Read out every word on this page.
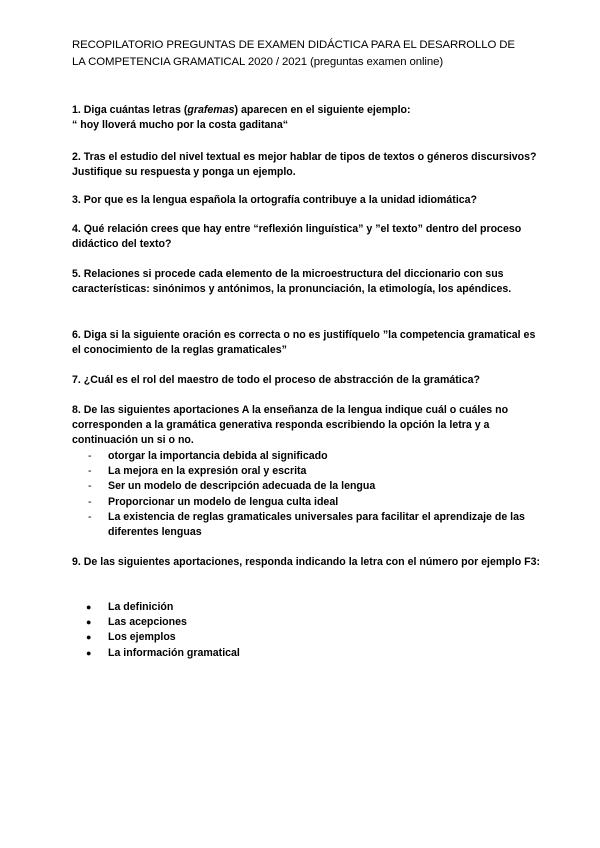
RECOPILATORIO PREGUNTAS DE EXAMEN DIDÁCTICA PARA EL DESARROLLO DE
LA COMPETENCIA GRAMATICAL 2020 / 2021 (preguntas examen online)
1. Diga cuántas letras (grafemas) aparecen en el siguiente ejemplo:
“ hoy lloverá mucho por la costa gaditana“
2. Tras el estudio del nivel textual es mejor hablar de tipos de textos o géneros discursivos? Justifique su respuesta y ponga un ejemplo.
3. Por que es la lengua española la ortografía contribuye a la unidad idiomática?
4. Qué relación crees que hay entre “reflexión linguística” y ”el texto” dentro del proceso didáctico del texto?
5. Relaciones si procede cada elemento de la microestructura del diccionario con sus características: sinónimos y antónimos, la pronunciación, la etimología, los apéndices.
6. Diga si la siguiente oración es correcta o no es justifíquelo ”la competencia gramatical es el conocimiento de la reglas gramaticales”
7. ¿Cuál es el rol del maestro de todo el proceso de abstracción de la gramática?
8. De las siguientes aportaciones A la enseñanza de la lengua indique cuál o cuáles no corresponden a la gramática generativa responda escribiendo la opción la letra y a continuación un si o no.
- otorgar la importancia debida al significado
- La mejora en la expresión oral y escrita
- Ser un modelo de descripción adecuada de la lengua
- Proporcionar un modelo de lengua culta ideal
- La existencia de reglas gramaticales universales para facilitar el aprendizaje de las diferentes lenguas
9. De las siguientes aportaciones, responda indicando la letra con el número por ejemplo F3:
● La definición
● Las acepciones
● Los ejemplos
● La información gramatical
